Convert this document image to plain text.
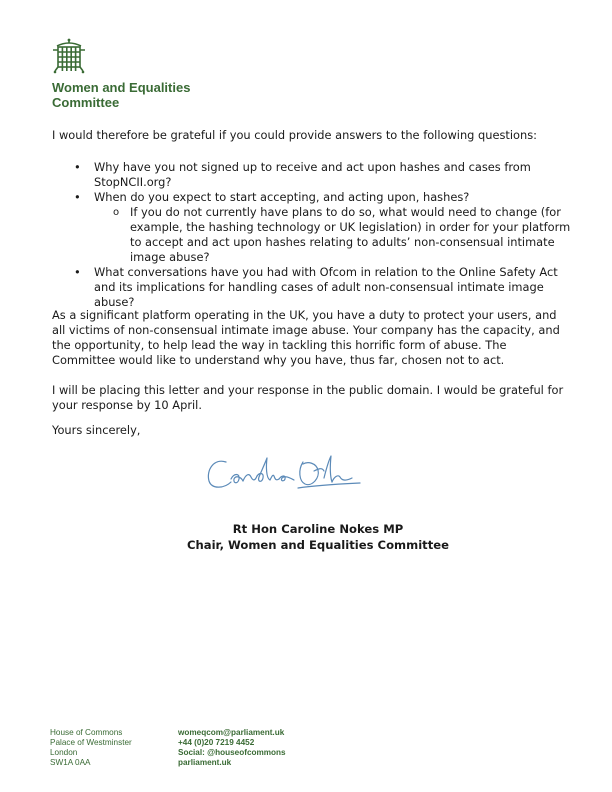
Women and Equalities
Committee
I would therefore be grateful if you could provide answers to the following questions:
• Why have you not signed up to receive and act upon hashes and cases from StopNCII.org?
• When do you expect to start accepting, and acting upon, hashes?
o If you do not currently have plans to do so, what would need to change (for example, the hashing technology or UK legislation) in order for your platform to accept and act upon hashes relating to adults’ non-consensual intimate image abuse?
• What conversations have you had with Ofcom in relation to the Online Safety Act and its implications for handling cases of adult non-consensual intimate image abuse?
As a significant platform operating in the UK, you have a duty to protect your users, and all victims of non-consensual intimate image abuse. Your company has the capacity, and the opportunity, to help lead the way in tackling this horrific form of abuse. The Committee would like to understand why you have, thus far, chosen not to act.
I will be placing this letter and your response in the public domain. I would be grateful for your response by 10 April.
Yours sincerely,
Rt Hon Caroline Nokes MP
Chair, Women and Equalities Committee
House of Commons
Palace of Westminster
London
SW1A 0AA
womeqcom@parliament.uk
+44 (0)20 7219 4452
Social: @houseofcommons
parliament.uk
